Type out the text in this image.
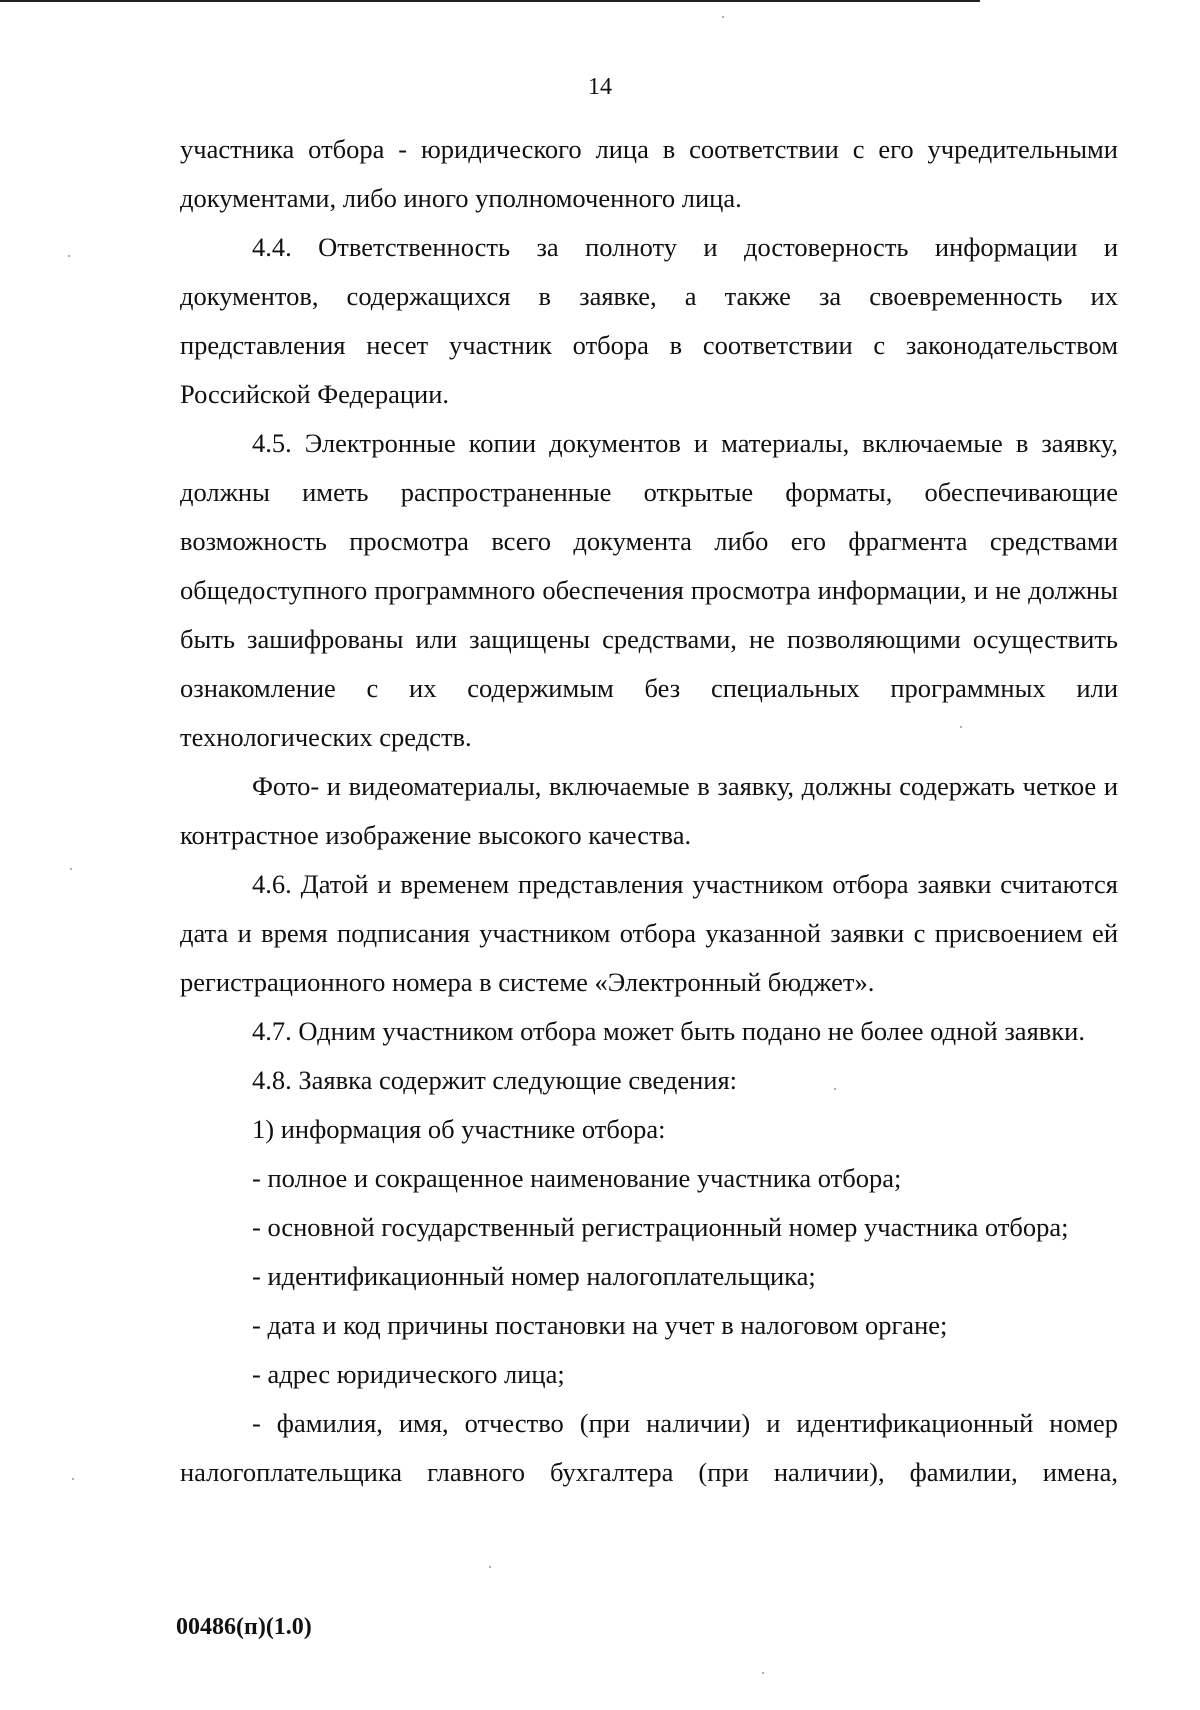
14

участника отбора - юридического лица в соответствии с его учредительными документами, либо иного уполномоченного лица.

4.4. Ответственность за полноту и достоверность информации и документов, содержащихся в заявке, а также за своевременность их представления несет участник отбора в соответствии с законодательством Российской Федерации.

4.5. Электронные копии документов и материалы, включаемые в заявку, должны иметь распространенные открытые форматы, обеспечивающие возможность просмотра всего документа либо его фрагмента средствами общедоступного программного обеспечения просмотра информации, и не должны быть зашифрованы или защищены средствами, не позволяющими осуществить ознакомление с их содержимым без специальных программных или технологических средств.

Фото- и видеоматериалы, включаемые в заявку, должны содержать четкое и контрастное изображение высокого качества.

4.6. Датой и временем представления участником отбора заявки считаются дата и время подписания участником отбора указанной заявки с присвоением ей регистрационного номера в системе «Электронный бюджет».

4.7. Одним участником отбора может быть подано не более одной заявки.

4.8. Заявка содержит следующие сведения:

1) информация об участнике отбора:

- полное и сокращенное наименование участника отбора;

- основной государственный регистрационный номер участника отбора;

- идентификационный номер налогоплательщика;

- дата и код причины постановки на учет в налоговом органе;

- адрес юридического лица;

- фамилия, имя, отчество (при наличии) и идентификационный номер налогоплательщика главного бухгалтера (при наличии), фамилии, имена,

00486(п)(1.0)
